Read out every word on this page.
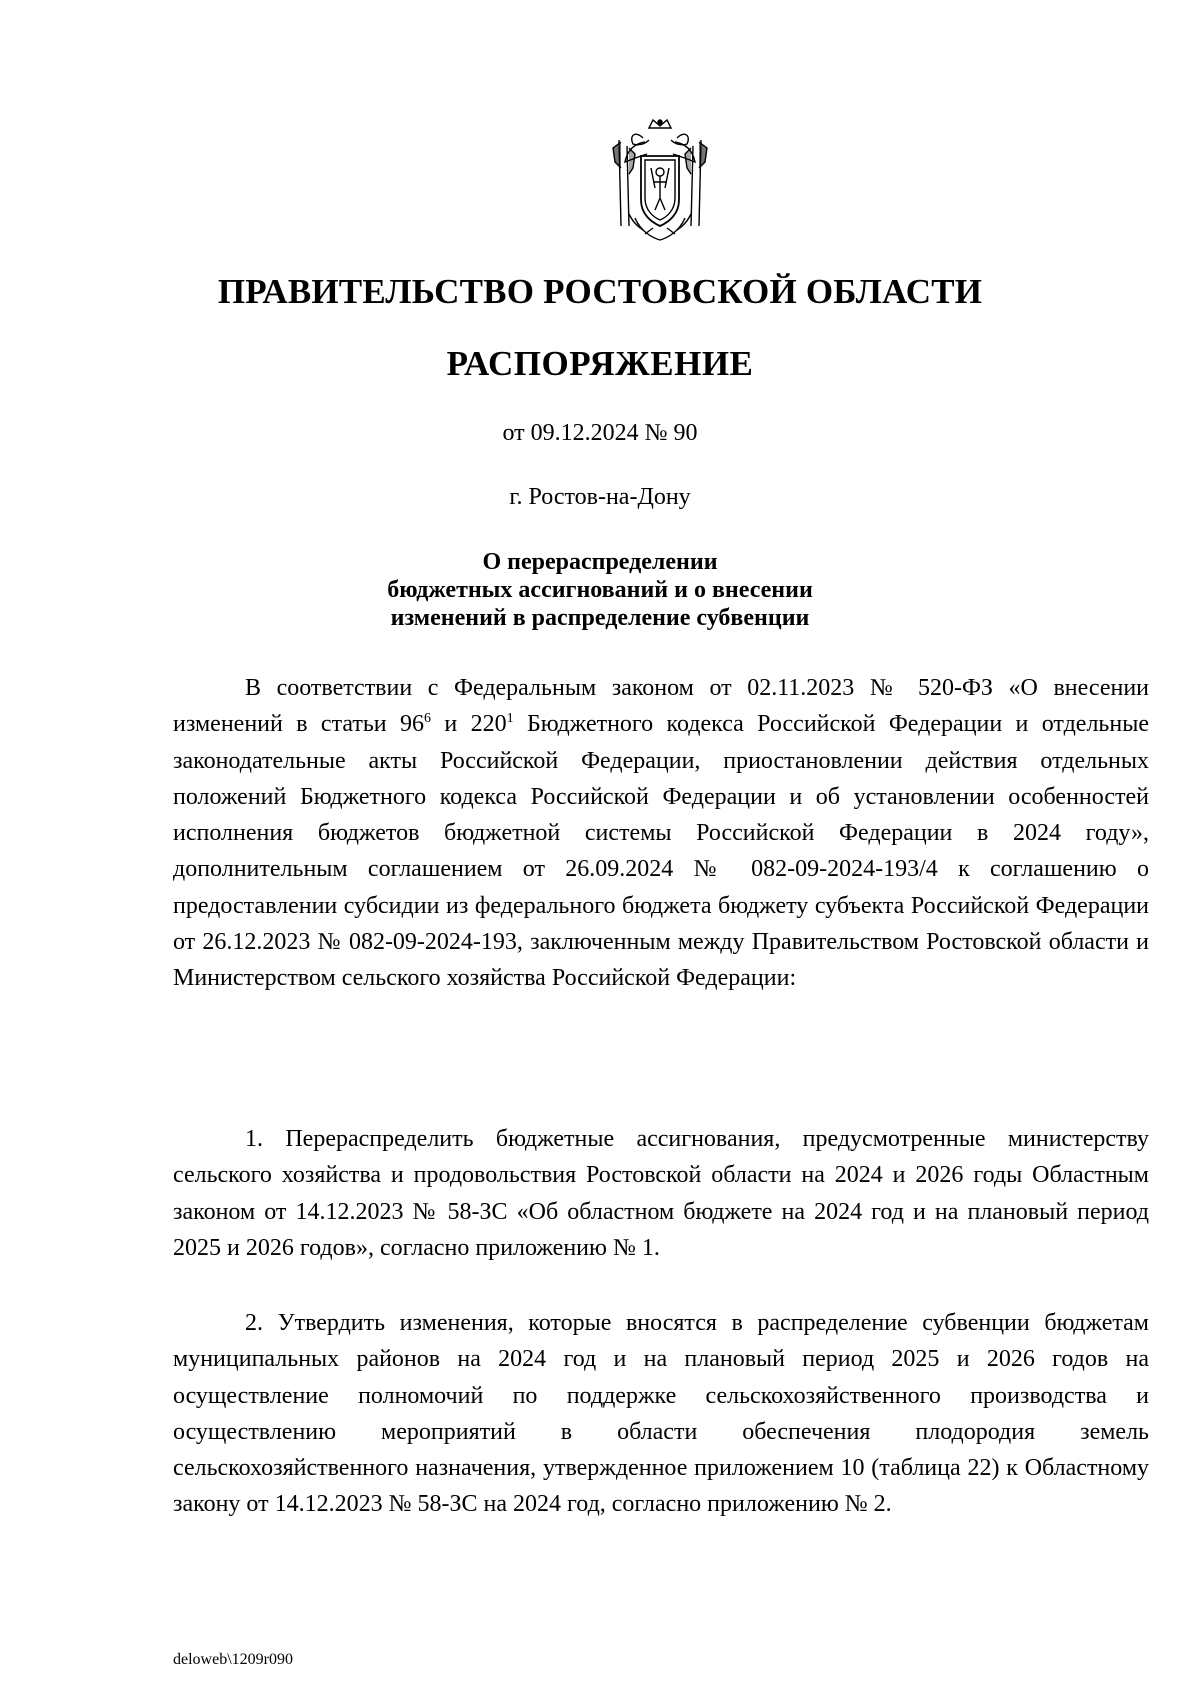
ПРАВИТЕЛЬСТВО РОСТОВСКОЙ ОБЛАСТИ
РАСПОРЯЖЕНИЕ
от 09.12.2024 № 90
г. Ростов-на-Дону
О перераспределении
бюджетных ассигнований и о внесении
изменений в распределение субвенции

В соответствии с Федеральным законом от 02.11.2023 № 520-ФЗ «О внесении изменений в статьи $96^6$ и $220^1$ Бюджетного кодекса Российской Федерации и отдельные законодательные акты Российской Федерации, приостановлении действия отдельных положений Бюджетного кодекса Российской Федерации и об установлении особенностей исполнения бюджетов бюджетной системы Российской Федерации в 2024 году», дополнительным соглашением от 26.09.2024 № 082-09-2024-193/4 к соглашению о предоставлении субсидии из федерального бюджета бюджету субъекта Российской Федерации от 26.12.2023 № 082-09-2024-193, заключенным между Правительством Ростовской области и Министерством сельского хозяйства Российской Федерации:

1. Перераспределить бюджетные ассигнования, предусмотренные министерству сельского хозяйства и продовольствия Ростовской области на 2024 и 2026 годы Областным законом от 14.12.2023 № 58-ЗС «Об областном бюджете на 2024 год и на плановый период 2025 и 2026 годов», согласно приложению № 1.

2. Утвердить изменения, которые вносятся в распределение субвенции бюджетам муниципальных районов на 2024 год и на плановый период 2025 и 2026 годов на осуществление полномочий по поддержке сельскохозяйственного производства и осуществлению мероприятий в области обеспечения плодородия земель сельскохозяйственного назначения, утвержденное приложением 10 (таблица 22) к Областному закону от 14.12.2023 № 58-ЗС на 2024 год, согласно приложению № 2.

deloweb\1209r090
